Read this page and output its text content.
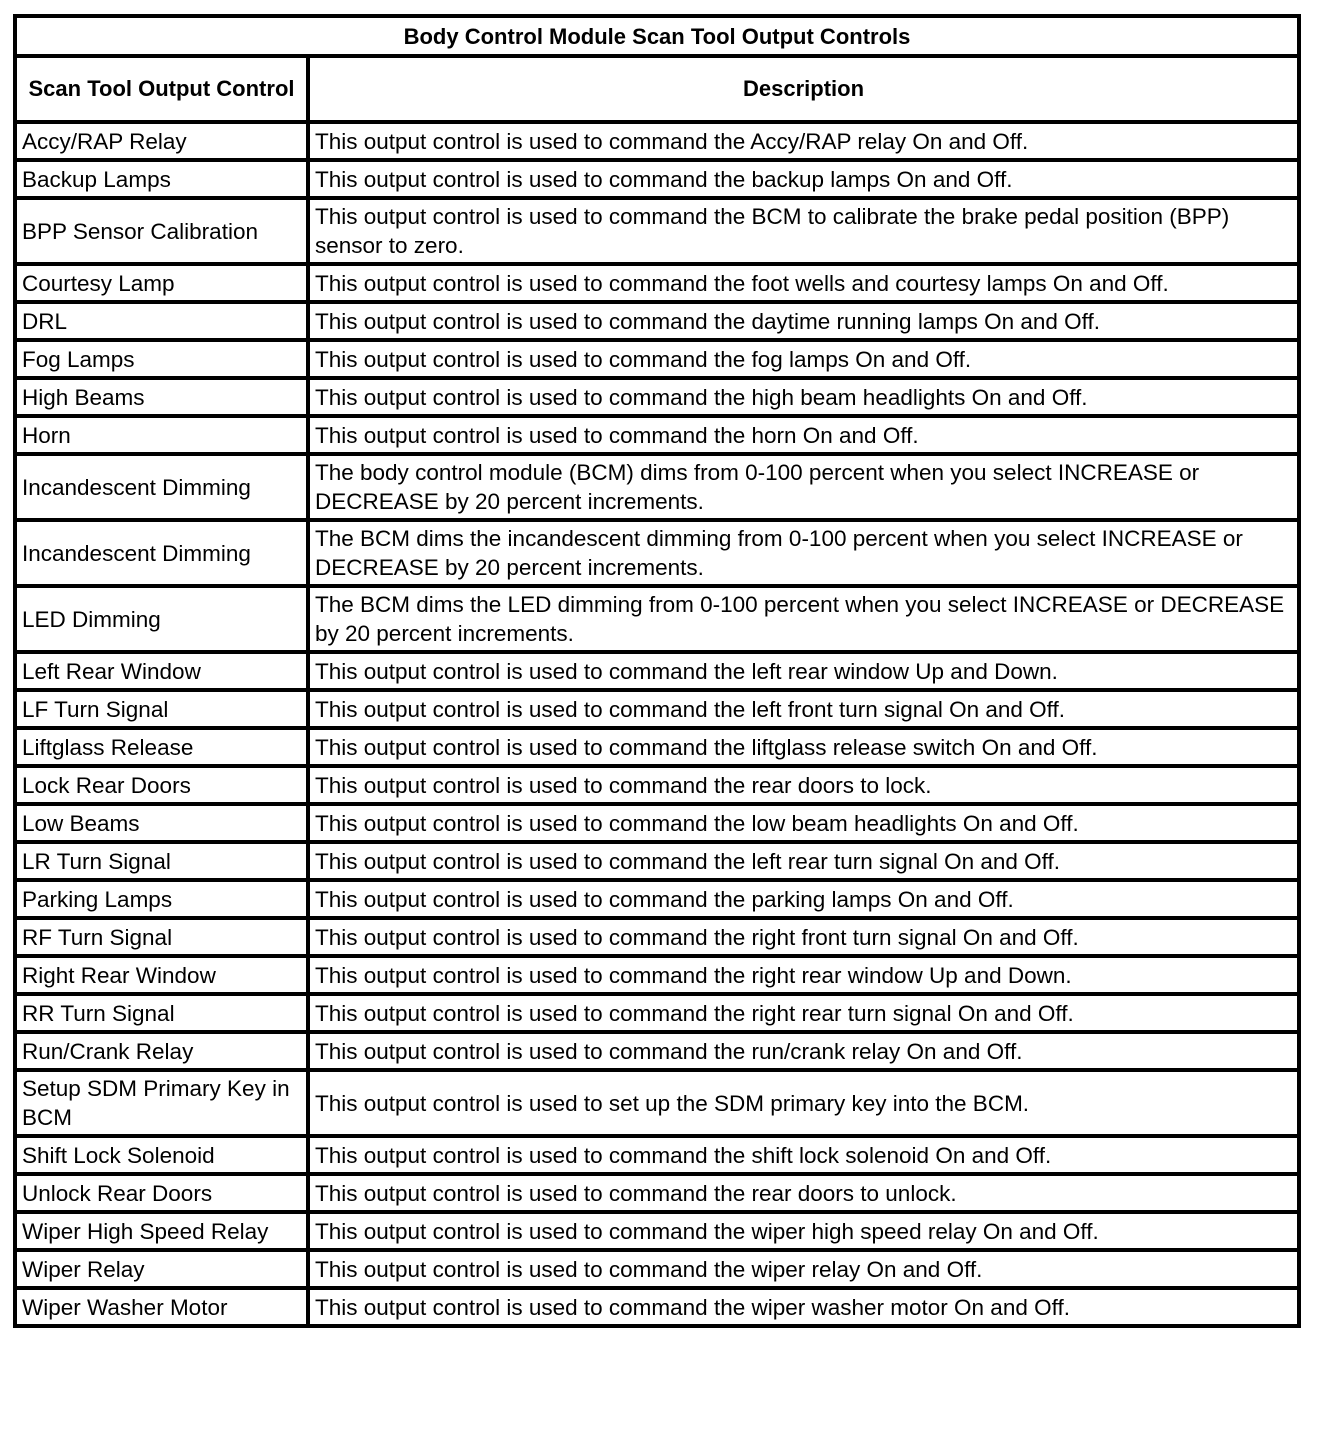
Body Control Module Scan Tool Output Controls	
Scan Tool Output Control	Description
Accy/RAP Relay	This output control is used to command the Accy/RAP relay On and Off.
Backup Lamps	This output control is used to command the backup lamps On and Off.
BPP Sensor Calibration	This output control is used to command the BCM to calibrate the brake pedal position (BPP) sensor to zero.
Courtesy Lamp	This output control is used to command the foot wells and courtesy lamps On and Off.
DRL	This output control is used to command the daytime running lamps On and Off.
Fog Lamps	This output control is used to command the fog lamps On and Off.
High Beams	This output control is used to command the high beam headlights On and Off.
Horn	This output control is used to command the horn On and Off.
Incandescent Dimming	The body control module (BCM) dims from 0-100 percent when you select INCREASE or DECREASE by 20 percent increments.
Incandescent Dimming	The BCM dims the incandescent dimming from 0-100 percent when you select INCREASE or DECREASE by 20 percent increments.
LED Dimming	The BCM dims the LED dimming from 0-100 percent when you select INCREASE or DECREASE by 20 percent increments.
Left Rear Window	This output control is used to command the left rear window Up and Down.
LF Turn Signal	This output control is used to command the left front turn signal On and Off.
Liftglass Release	This output control is used to command the liftglass release switch On and Off.
Lock Rear Doors	This output control is used to command the rear doors to lock.
Low Beams	This output control is used to command the low beam headlights On and Off.
LR Turn Signal	This output control is used to command the left rear turn signal On and Off.
Parking Lamps	This output control is used to command the parking lamps On and Off.
RF Turn Signal	This output control is used to command the right front turn signal On and Off.
Right Rear Window	This output control is used to command the right rear window Up and Down.
RR Turn Signal	This output control is used to command the right rear turn signal On and Off.
Run/Crank Relay	This output control is used to command the run/crank relay On and Off.
Setup SDM Primary Key in BCM	This output control is used to set up the SDM primary key into the BCM.
Shift Lock Solenoid	This output control is used to command the shift lock solenoid On and Off.
Unlock Rear Doors	This output control is used to command the rear doors to unlock.
Wiper High Speed Relay	This output control is used to command the wiper high speed relay On and Off.
Wiper Relay	This output control is used to command the wiper relay On and Off.
Wiper Washer Motor	This output control is used to command the wiper washer motor On and Off.
